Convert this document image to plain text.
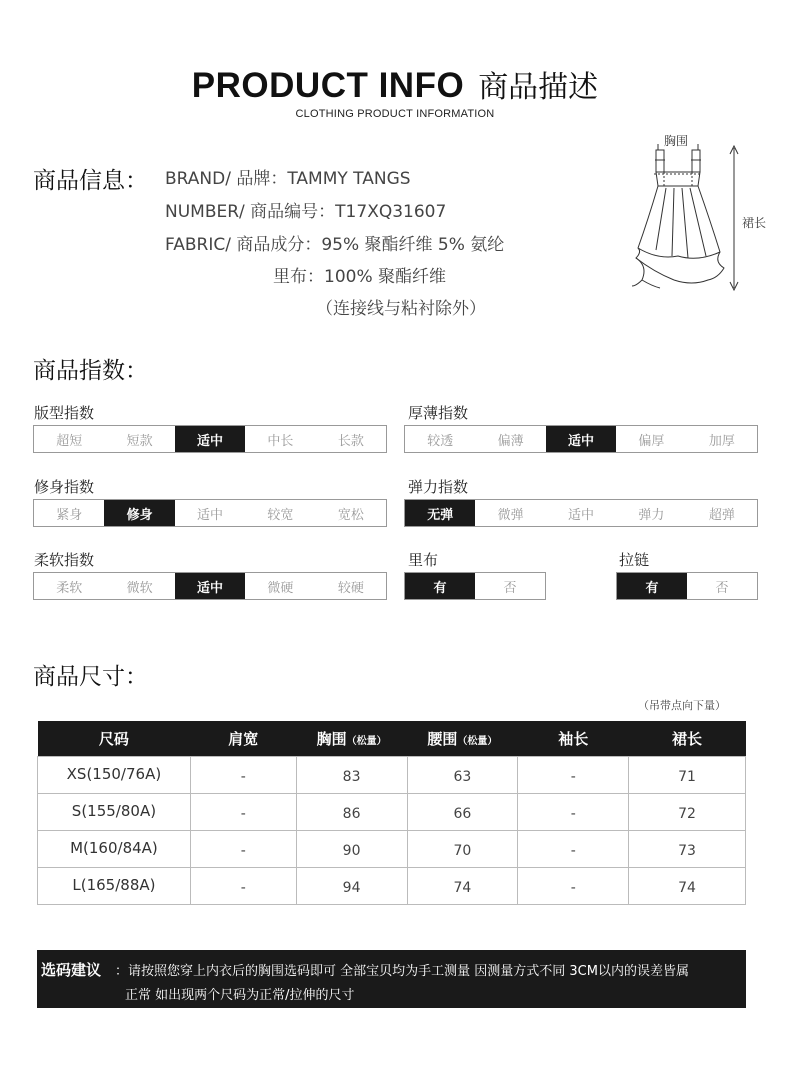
PRODUCT INFO 商品描述
CLOTHING PRODUCT INFORMATION
商品信息： BRAND/ 品牌：TAMMY TANGS
NUMBER/ 商品编号：T17XQ31607
FABRIC/ 商品成分：95% 聚酯纤维 5% 氨纶
里布：100% 聚酯纤维
（连接线与粘衬除外）
胸围
裙长
商品指数：
版型指数
超短	短款	适中	中长	长款
厚薄指数
较透	偏薄	适中	偏厚	加厚
修身指数
紧身	修身	适中	较宽	宽松
弹力指数
无弹	微弹	适中	弹力	超弹
柔软指数
柔软	微软	适中	微硬	较硬
里布
有	否
拉链
有	否
商品尺寸：
（吊带点向下量）
尺码	肩宽	胸围（松量）	腰围（松量）	袖长	裙长
XS(150/76A)	-	83	63	-	71
S(155/80A)	-	86	66	-	72
M(160/84A)	-	90	70	-	73
L(165/88A)	-	94	74	-	74
选码建议 ：请按照您穿上内衣后的胸围选码即可 全部宝贝均为手工测量 因测量方式不同 3CM以内的误差皆属
正常 如出现两个尺码为正常/拉伸的尺寸
